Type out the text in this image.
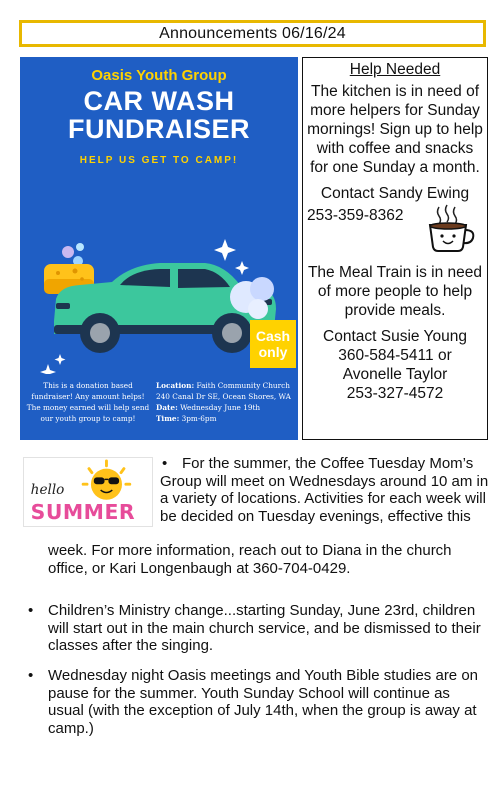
Announcements 06/16/24
Oasis Youth Group
CAR WASH
FUNDRAISER
HELP US GET TO CAMP!
Cash
only
This is a donation based fundraiser! Any amount helps! The money earned will help send our youth group to camp!
Location: Faith Community Church 240 Canal Dr SE, Ocean Shores, WA
Date: Wednesday June 19th
Time: 3pm-6pm
Help Needed

The kitchen is in need of more helpers for Sunday mornings! Sign up to help with coffee and snacks for one Sunday a month.

Contact Sandy Ewing

253-359-8362

The Meal Train is in need of more people to help provide meals.

Contact Susie Young

360-584-5411 or

Avonelle Taylor

253-327-4572

hello
SUMMER
• For the summer, the Coffee Tuesday Mom’s Group will meet on Wednesdays around 10 am in a variety of locations. Activities for each week will be decided on Tuesday evenings, effective this
week. For more information, reach out to Diana in the church office, or Kari Longenbaugh at 360-704-0429.
• Children’s Ministry change...starting Sunday, June 23rd, children will start out in the main church service, and be dismissed to their classes after the singing.
• Wednesday night Oasis meetings and Youth Bible studies are on pause for the summer. Youth Sunday School will continue as usual (with the exception of July 14th, when the group is away at camp.)
